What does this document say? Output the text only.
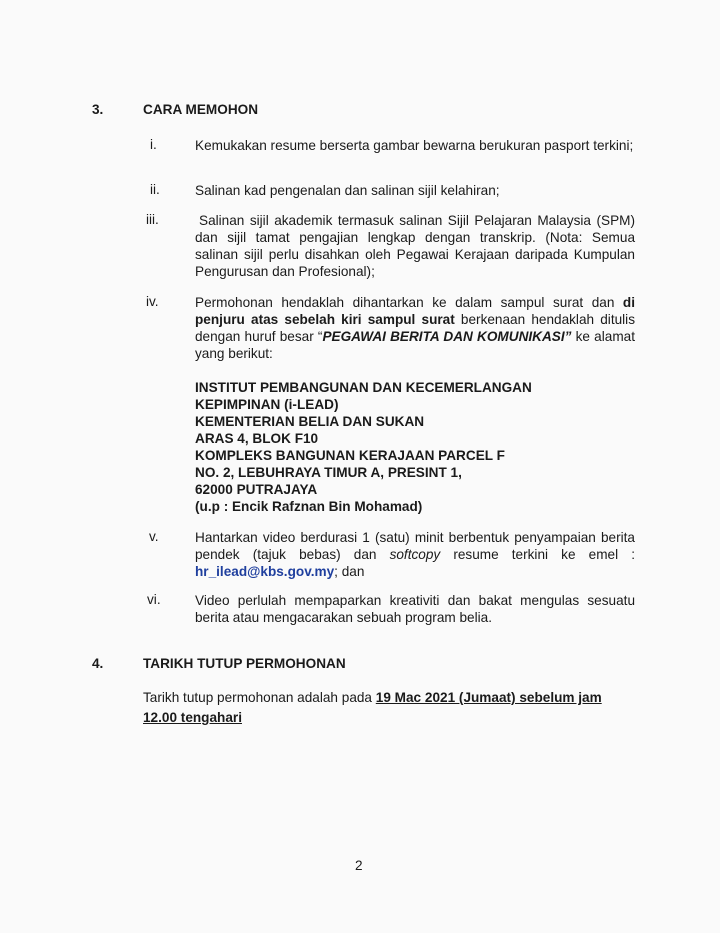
3.	CARA MEMOHON
i.	Kemukakan resume berserta gambar bewarna berukuran pasport terkini;
ii.	Salinan kad pengenalan dan salinan sijil kelahiran;
iii.	Salinan sijil akademik termasuk salinan Sijil Pelajaran Malaysia (SPM) dan sijil tamat pengajian lengkap dengan transkrip. (Nota: Semua salinan sijil perlu disahkan oleh Pegawai Kerajaan daripada Kumpulan Pengurusan dan Profesional);
iv.	Permohonan hendaklah dihantarkan ke dalam sampul surat dan di penjuru atas sebelah kiri sampul surat berkenaan hendaklah ditulis dengan huruf besar “PEGAWAI BERITA DAN KOMUNIKASI” ke alamat yang berikut:
INSTITUT PEMBANGUNAN DAN KECEMERLANGAN
KEPIMPINAN (i-LEAD)
KEMENTERIAN BELIA DAN SUKAN
ARAS 4, BLOK F10
KOMPLEKS BANGUNAN KERAJAAN PARCEL F
NO. 2, LEBUHRAYA TIMUR A, PRESINT 1,
62000 PUTRAJAYA
(u.p : Encik Rafznan Bin Mohamad)
v.	Hantarkan video berdurasi 1 (satu) minit berbentuk penyampaian berita pendek (tajuk bebas) dan softcopy resume terkini ke emel : hr_ilead@kbs.gov.my; dan
vi.	Video perlulah mempaparkan kreativiti dan bakat mengulas sesuatu berita atau mengacarakan sebuah program belia.
4.	TARIKH TUTUP PERMOHONAN
Tarikh tutup permohonan adalah pada 19 Mac 2021 (Jumaat) sebelum jam
12.00 tengahari
2
